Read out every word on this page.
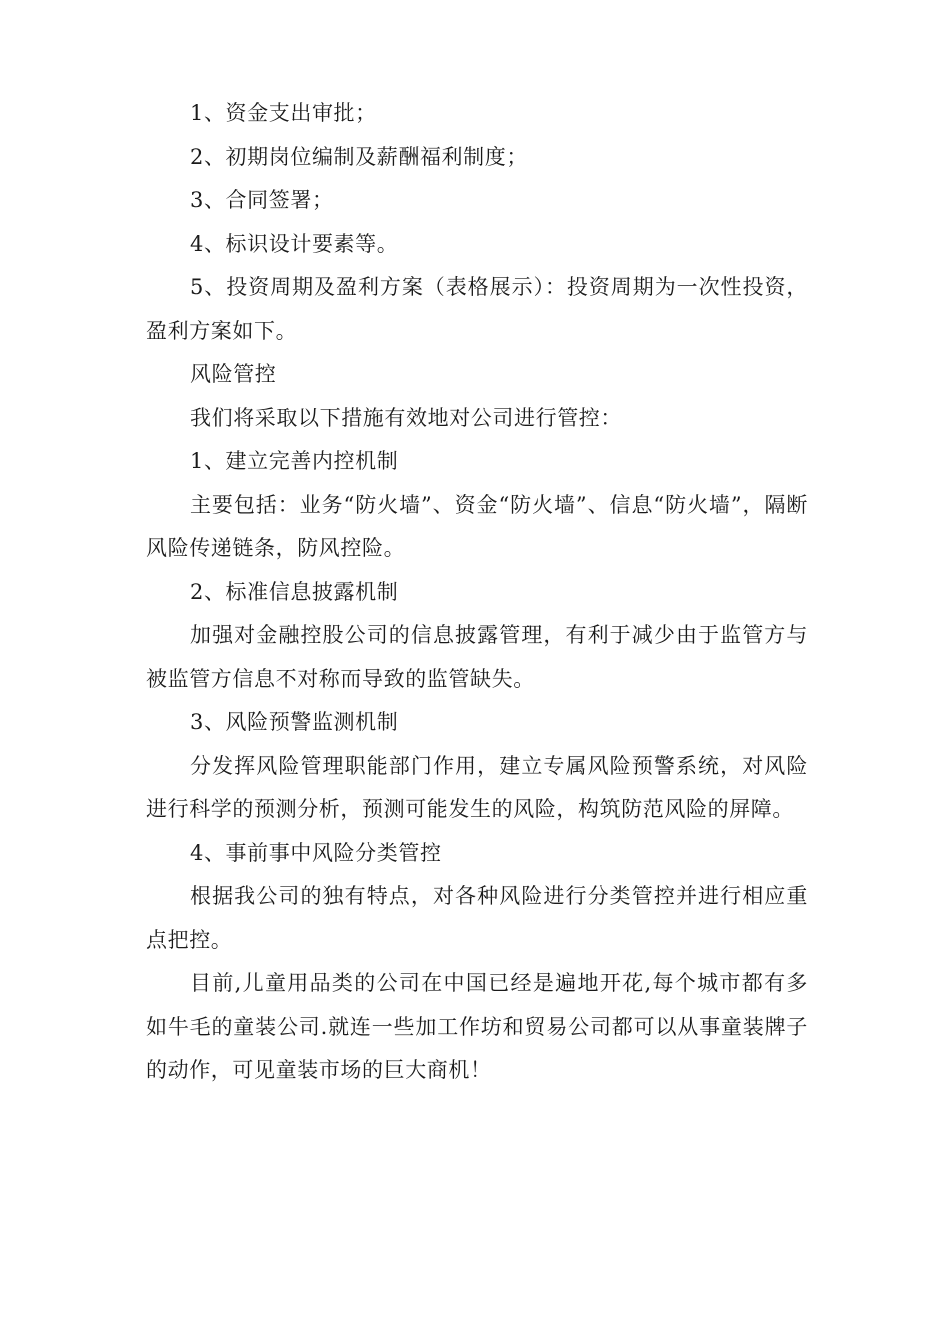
1、资金支出审批；

2、初期岗位编制及薪酬福利制度；

3、合同签署；

4、标识设计要素等。

5、投资周期及盈利方案（表格展示）：投资周期为一次性投资，盈利方案如下。

风险管控

我们将采取以下措施有效地对公司进行管控：

1、建立完善内控机制

主要包括：业务“防火墙”、资金“防火墙”、信息“防火墙”，隔断风险传递链条，防风控险。

2、标准信息披露机制

加强对金融控股公司的信息披露管理，有利于减少由于监管方与被监管方信息不对称而导致的监管缺失。

3、风险预警监测机制

分发挥风险管理职能部门作用，建立专属风险预警系统，对风险进行科学的预测分析，预测可能发生的风险，构筑防范风险的屏障。

4、事前事中风险分类管控

根据我公司的独有特点，对各种风险进行分类管控并进行相应重点把控。

目前,儿童用品类的公司在中国已经是遍地开花,每个城市都有多如牛毛的童装公司.就连一些加工作坊和贸易公司都可以从事童装牌子的动作，可见童装市场的巨大商机！
